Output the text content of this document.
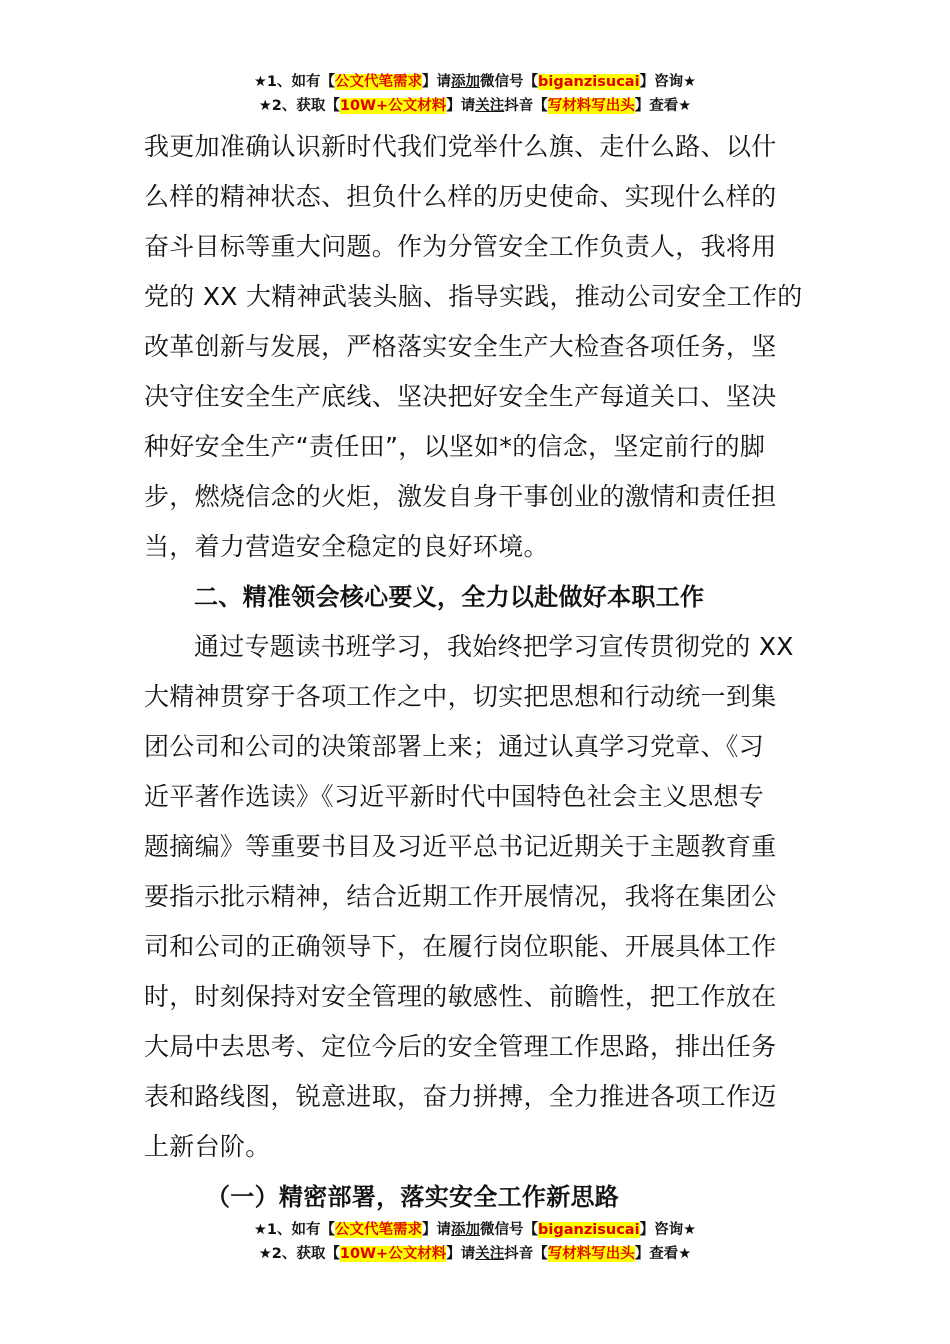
★1、如有【公文代笔需求】请添加微信号【biganzisucai】咨询★
★2、获取【10W+公文材料】请关注抖音【写材料写出头】查看★

我更加准确认识新时代我们党举什么旗、走什么路、以什
么样的精神状态、担负什么样的历史使命、实现什么样的
奋斗目标等重大问题。作为分管安全工作负责人，我将用
党的 XX 大精神武装头脑、指导实践，推动公司安全工作的
改革创新与发展，严格落实安全生产大检查各项任务，坚
决守住安全生产底线、坚决把好安全生产每道关口、坚决
种好安全生产“责任田”，以坚如*的信念，坚定前行的脚
步，燃烧信念的火炬，激发自身干事创业的激情和责任担
当，着力营造安全稳定的良好环境。

二、精准领会核心要义，全力以赴做好本职工作

通过专题读书班学习，我始终把学习宣传贯彻党的 XX
大精神贯穿于各项工作之中，切实把思想和行动统一到集
团公司和公司的决策部署上来；通过认真学习党章、《习
近平著作选读》《习近平新时代中国特色社会主义思想专
题摘编》等重要书目及习近平总书记近期关于主题教育重
要指示批示精神，结合近期工作开展情况，我将在集团公
司和公司的正确领导下，在履行岗位职能、开展具体工作
时，时刻保持对安全管理的敏感性、前瞻性，把工作放在
大局中去思考、定位今后的安全管理工作思路，排出任务
表和路线图，锐意进取，奋力拼搏，全力推进各项工作迈
上新台阶。

（一）精密部署，落实安全工作新思路

★1、如有【公文代笔需求】请添加微信号【biganzisucai】咨询★
★2、获取【10W+公文材料】请关注抖音【写材料写出头】查看★
